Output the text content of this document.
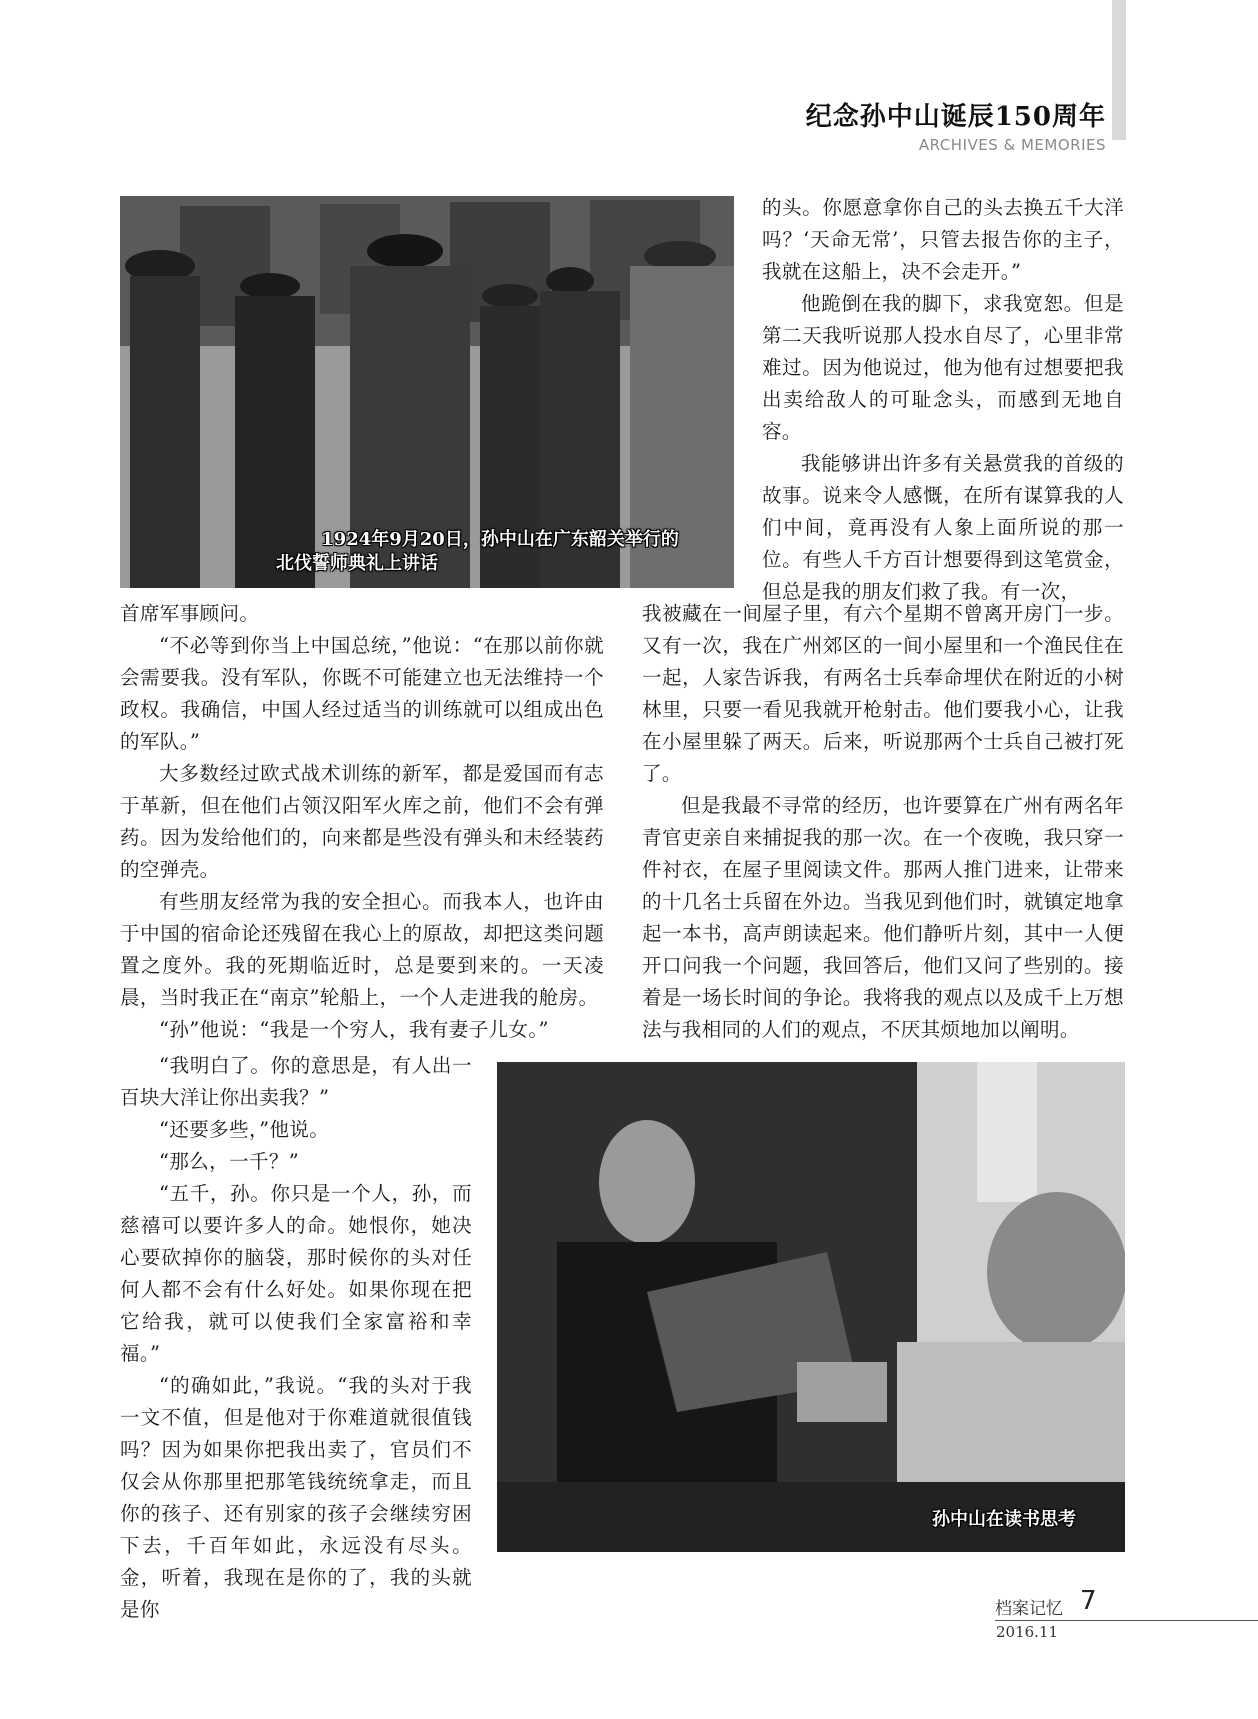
纪念孙中山诞辰150周年
ARCHIVES & MEMORIES
1924年9月20日，孙中山在广东韶关举行的
北伐誓师典礼上讲话

的头。你愿意拿你自己的头去换五千大洋吗？‘天命无常’，只管去报告你的主子，我就在这船上，决不会走开。”

他跪倒在我的脚下，求我宽恕。但是第二天我听说那人投水自尽了，心里非常难过。因为他说过，他为他有过想要把我出卖给敌人的可耻念头，而感到无地自容。

我能够讲出许多有关悬赏我的首级的故事。说来令人感慨，在所有谋算我的人们中间，竟再没有人象上面所说的那一位。有些人千方百计想要得到这笔赏金，但总是我的朋友们救了我。有一次，

首席军事顾问。

“不必等到你当上中国总统，”他说：“在那以前你就会需要我。没有军队，你既不可能建立也无法维持一个政权。我确信，中国人经过适当的训练就可以组成出色的军队。”

大多数经过欧式战术训练的新军，都是爱国而有志于革新，但在他们占领汉阳军火库之前，他们不会有弹药。因为发给他们的，向来都是些没有弹头和未经装药的空弹壳。

有些朋友经常为我的安全担心。而我本人，也许由于中国的宿命论还残留在我心上的原故，却把这类问题置之度外。我的死期临近时，总是要到来的。一天凌晨，当时我正在“南京”轮船上，一个人走进我的舱房。

“孙”他说：“我是一个穷人，我有妻子儿女。”

我被藏在一间屋子里，有六个星期不曾离开房门一步。又有一次，我在广州郊区的一间小屋里和一个渔民住在一起，人家告诉我，有两名士兵奉命埋伏在附近的小树林里，只要一看见我就开枪射击。他们要我小心，让我在小屋里躲了两天。后来，听说那两个士兵自己被打死了。

但是我最不寻常的经历，也许要算在广州有两名年青官吏亲自来捕捉我的那一次。在一个夜晚，我只穿一件衬衣，在屋子里阅读文件。那两人推门进来，让带来的十几名士兵留在外边。当我见到他们时，就镇定地拿起一本书，高声朗读起来。他们静听片刻，其中一人便开口问我一个问题，我回答后，他们又问了些别的。接着是一场长时间的争论。我将我的观点以及成千上万想法与我相同的人们的观点，不厌其烦地加以阐明。

“我明白了。你的意思是，有人出一百块大洋让你出卖我？”

“还要多些，”他说。

“那么，一千？”

“五千，孙。你只是一个人，孙，而慈禧可以要许多人的命。她恨你，她决心要砍掉你的脑袋，那时候你的头对任何人都不会有什么好处。如果你现在把它给我，就可以使我们全家富裕和幸福。”

“的确如此，”我说。“我的头对于我一文不值，但是他对于你难道就很值钱吗？因为如果你把我出卖了，官员们不仅会从你那里把那笔钱统统拿走，而且你的孩子、还有别家的孩子会继续穷困下去，千百年如此，永远没有尽头。金，听着，我现在是你的了，我的头就是你

孙中山在读书思考
档案记忆 7
2016.11
